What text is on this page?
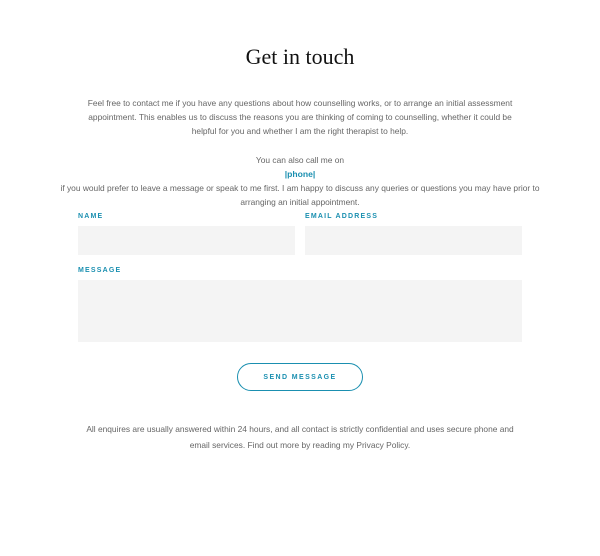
Get in touch

Feel free to contact me if you have any questions about how counselling works, or to arrange an initial assessment appointment. This enables us to discuss the reasons you are thinking of coming to counselling, whether it could be helpful for you and whether I am the right therapist to help.

You can also call me on
|phone|
if you would prefer to leave a message or speak to me first. I am happy to discuss any queries or questions you may have prior to arranging an initial appointment.
NAME	EMAIL ADDRESS
MESSAGE
SEND MESSAGE

All enquires are usually answered within 24 hours, and all contact is strictly confidential and uses secure phone and email services. Find out more by reading my Privacy Policy.
